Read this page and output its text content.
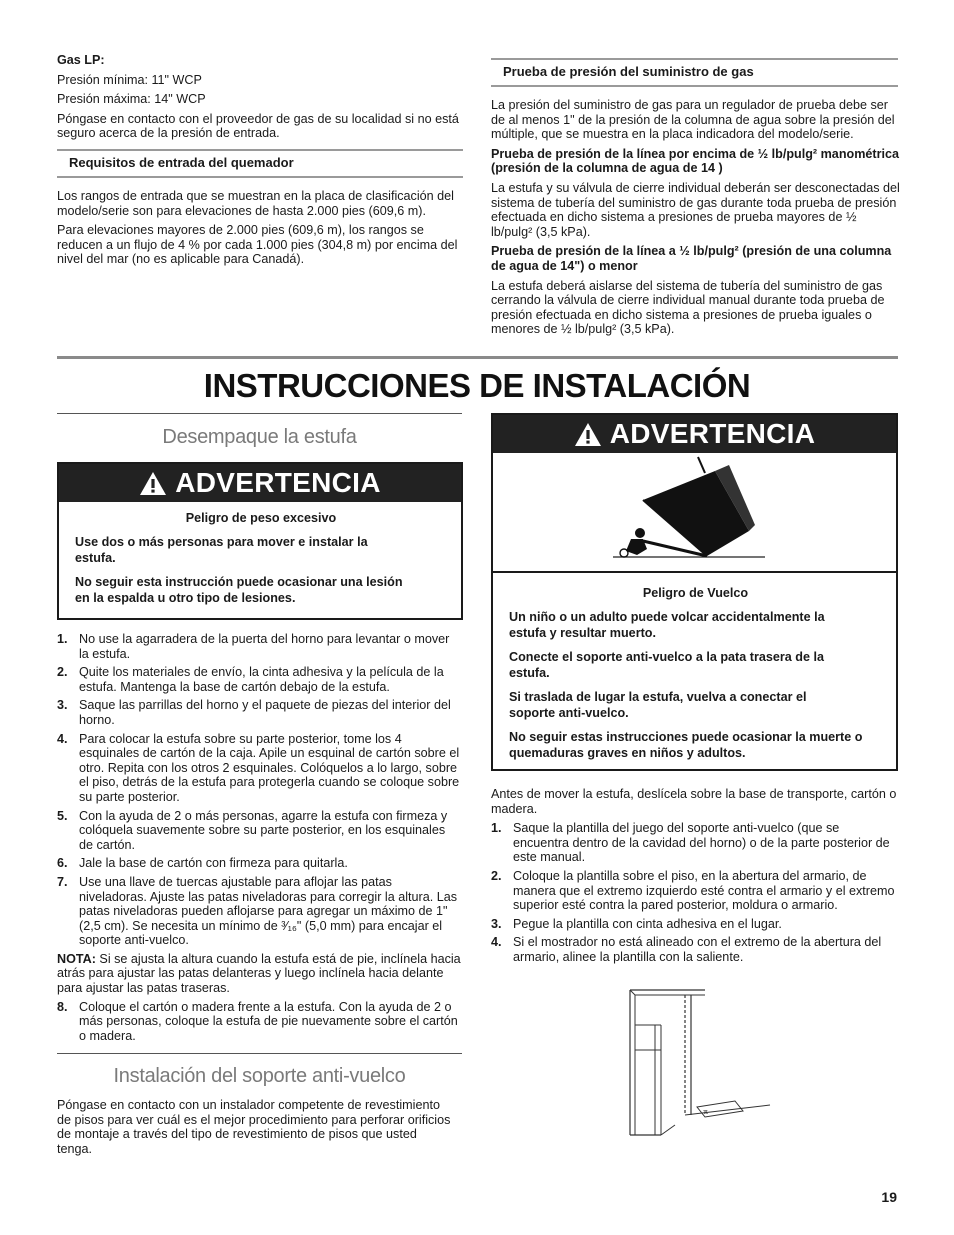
Gas LP:

Presión mínima: 11" WCP

Presión máxima: 14" WCP

Póngase en contacto con el proveedor de gas de su localidad si no está seguro acerca de la presión de entrada.

Requisitos de entrada del quemador

Los rangos de entrada que se muestran en la placa de clasificación del modelo/serie son para elevaciones de hasta 2.000 pies (609,6 m).

Para elevaciones mayores de 2.000 pies (609,6 m), los rangos se reducen a un flujo de 4 % por cada 1.000 pies (304,8 m) por encima del nivel del mar (no es aplicable para Canadá).

Prueba de presión del suministro de gas

La presión del suministro de gas para un regulador de prueba debe ser de al menos 1" de la presión de la columna de agua sobre la presión del múltiple, que se muestra en la placa indicadora del modelo/serie.

Prueba de presión de la línea por encima de ½ lb/pulg² manométrica (presión de la columna de agua de 14 )

La estufa y su válvula de cierre individual deberán ser desconectadas del sistema de tubería del suministro de gas durante toda prueba de presión efectuada en dicho sistema a presiones de prueba mayores de ½ lb/pulg² (3,5 kPa).

Prueba de presión de la línea a ½ lb/pulg² (presión de una columna de agua de 14") o menor

La estufa deberá aislarse del sistema de tubería del suministro de gas cerrando la válvula de cierre individual manual durante toda prueba de presión efectuada en dicho sistema a presiones de prueba iguales o menores de ½ lb/pulg² (3,5 kPa).

INSTRUCCIONES DE INSTALACIÓN
Desempaque la estufa
ADVERTENCIA

Peligro de peso excesivo

Use dos o más personas para mover e instalar la estufa.

No seguir esta instrucción puede ocasionar una lesión en la espalda u otro tipo de lesiones.

1. No use la agarradera de la puerta del horno para levantar o mover la estufa.
2. Quite los materiales de envío, la cinta adhesiva y la película de la estufa. Mantenga la base de cartón debajo de la estufa.
3. Saque las parrillas del horno y el paquete de piezas del interior del horno.
4. Para colocar la estufa sobre su parte posterior, tome los 4 esquinales de cartón de la caja. Apile un esquinal de cartón sobre el otro. Repita con los otros 2 esquinales. Colóquelos a lo largo, sobre el piso, detrás de la estufa para protegerla cuando se coloque sobre su parte posterior.
5. Con la ayuda de 2 o más personas, agarre la estufa con firmeza y colóquela suavemente sobre su parte posterior, en los esquinales de cartón.
6. Jale la base de cartón con firmeza para quitarla.
7. Use una llave de tuercas ajustable para aflojar las patas niveladoras. Ajuste las patas niveladoras para corregir la altura. Las patas niveladoras pueden aflojarse para agregar un máximo de 1" (2,5 cm). Se necesita un mínimo de ³⁄₁₆" (5,0 mm) para encajar el soporte anti-vuelco.

NOTA: Si se ajusta la altura cuando la estufa está de pie, inclínela hacia atrás para ajustar las patas delanteras y luego inclínela hacia delante para ajustar las patas traseras.

8. Coloque el cartón o madera frente a la estufa. Con la ayuda de 2 o más personas, coloque la estufa de pie nuevamente sobre el cartón o madera.
Instalación del soporte anti-vuelco

Póngase en contacto con un instalador competente de revestimiento de pisos para ver cuál es el mejor procedimiento para perforar orificios de montaje a través del tipo de revestimiento de pisos que usted tenga.

ADVERTENCIA

Peligro de Vuelco

Un niño o un adulto puede volcar accidentalmente la estufa y resultar muerto.

Conecte el soporte anti-vuelco a la pata trasera de la estufa.

Si traslada de lugar la estufa, vuelva a conectar el soporte anti-vuelco.

No seguir estas instrucciones puede ocasionar la muerte o quemaduras graves en niños y adultos.

Antes de mover la estufa, deslícela sobre la base de transporte, cartón o madera.

1. Saque la plantilla del juego del soporte anti-vuelco (que se encuentra dentro de la cavidad del horno) o de la parte posterior de este manual.
2. Coloque la plantilla sobre el piso, en la abertura del armario, de manera que el extremo izquierdo esté contra el armario y el extremo superior esté contra la pared posterior, moldura o armario.
3. Pegue la plantilla con cinta adhesiva en el lugar.
4. Si el mostrador no está alineado con el extremo de la abertura del armario, alinee la plantilla con la saliente.
ℼ
19
